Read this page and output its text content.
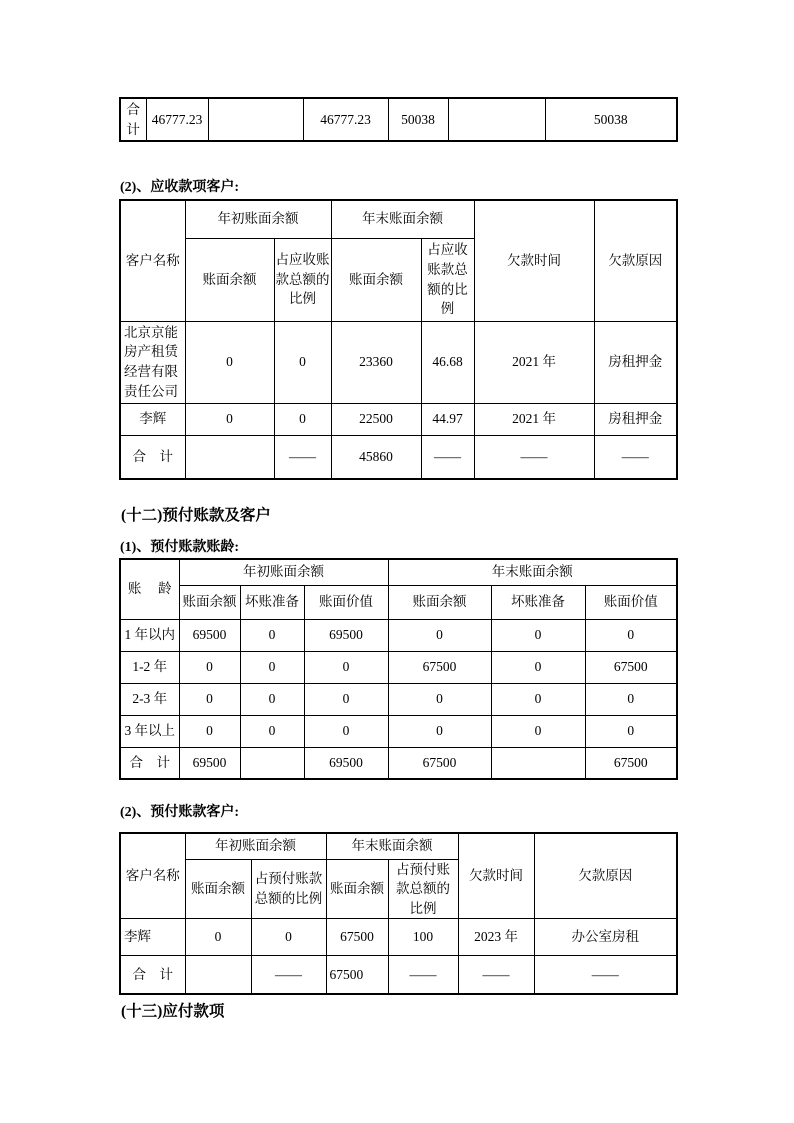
合计	46777.23		46777.23	50038		50038
(2)、应收款项客户:
客户名称	年初账面余额		年末账面余额		欠款时间	欠款原因
	账面余额	占应收账款总额的比例	账面余额	占应收账款总额的比例		
北京京能房产租赁经营有限责任公司	0	0	23360	46.68	2021 年	房租押金
李辉	0	0	22500	44.97	2021 年	房租押金
合　计		——	45860	——	——	——
(十二)预付账款及客户
(1)、预付账款账龄:
账　 龄	年初账面余额			年末账面余额		
	账面余额	坏账准备	账面价值	账面余额	坏账准备	账面价值
1 年以内	69500	0	69500	0	0	0
1-2 年	0	0	0	67500	0	67500
2-3 年	0	0	0	0	0	0
3 年以上	0	0	0	0	0	0
合　计	69500		69500	67500		67500
(2)、预付账款客户:
客户名称	年初账面余额		年末账面余额		欠款时间	欠款原因
	账面余额	占预付账款总额的比例	账面余额	占预付账款总额的比例		
李辉	0	0	67500	100	2023 年	办公室房租
合　计		——	67500	——	——	——
(十三)应付款项
